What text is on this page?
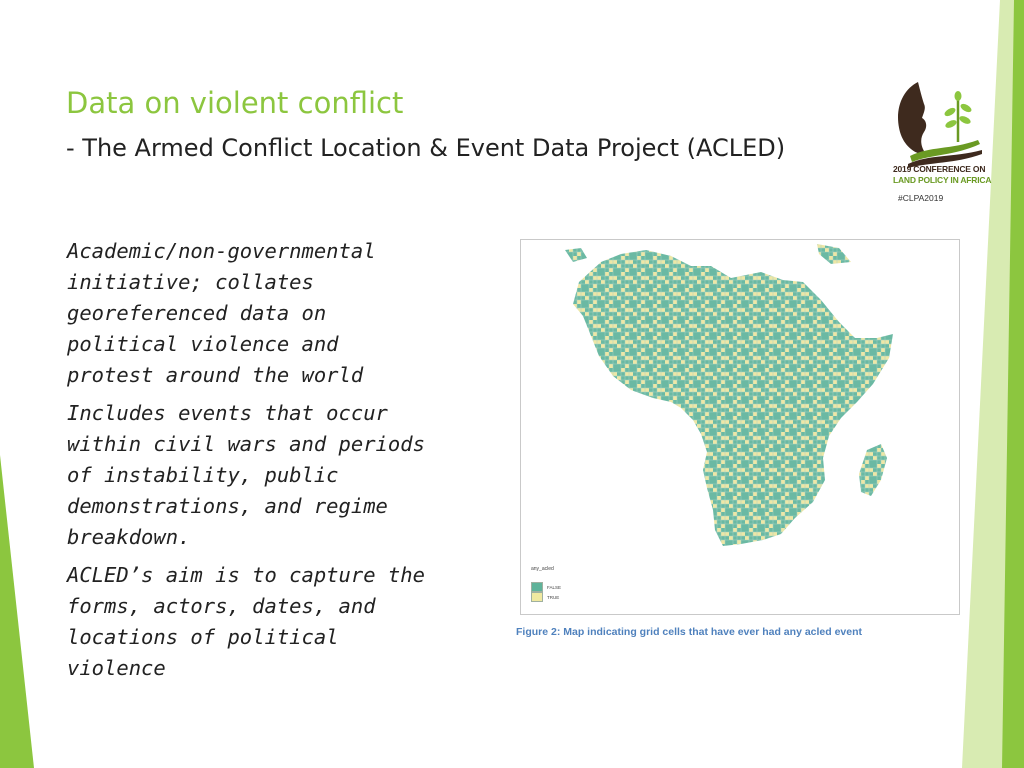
Data on violent conflict
- The Armed Conflict Location & Event Data Project (ACLED)
2019 CONFERENCE ON
LAND POLICY IN AFRICA
#CLPA2019

Academic/non-governmental initiative; collates georeferenced data on political violence and protest around the world

Includes events that occur within civil wars and periods of instability, public demonstrations, and regime breakdown.

ACLED’s aim is to capture the forms, actors, dates, and locations of political violence

any_acled
FALSE
TRUE
Figure 2: Map indicating grid cells that have ever had any acled event
